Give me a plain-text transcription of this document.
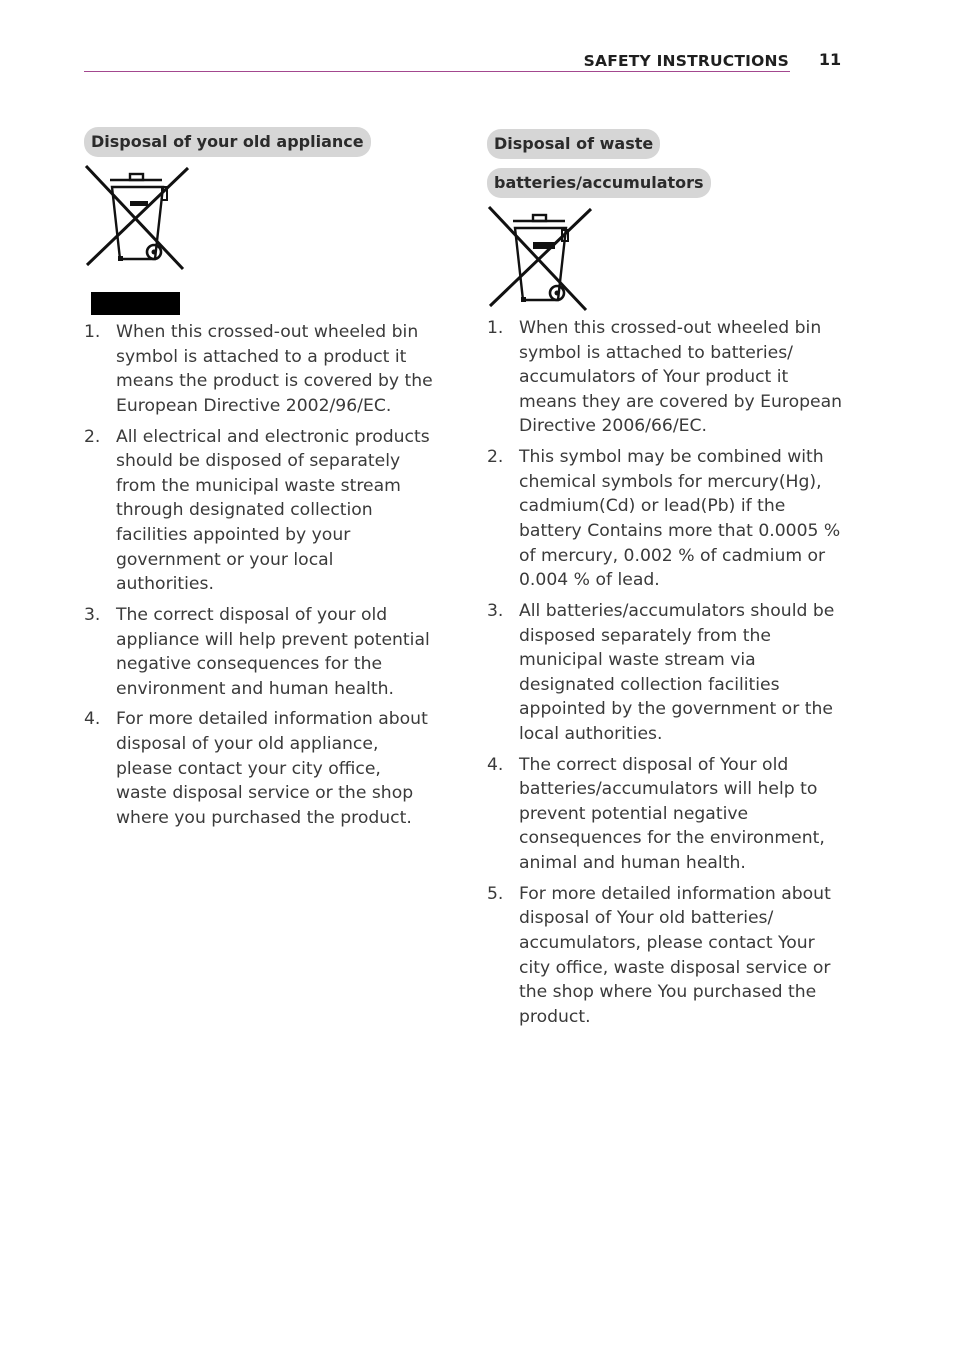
SAFETY INSTRUCTIONS 11
Disposal of your old appliance
1. When this crossed-out wheeled bin symbol is attached to a product it means the product is covered by the European Directive 2002/96/EC.
2. All electrical and electronic products should be disposed of separately from the municipal waste stream through designated collection facilities appointed by your government or your local authorities.
3. The correct disposal of your old appliance will help prevent potential negative consequences for the environment and human health.
4. For more detailed information about disposal of your old appliance, please contact your city office, waste disposal service or the shop where you purchased the product.
Disposal of waste
batteries/accumulators
1. When this crossed-out wheeled bin symbol is attached to batteries/ accumulators of Your product it means they are covered by European Directive 2006/66/EC.
2. This symbol may be combined with chemical symbols for mercury(Hg), cadmium(Cd) or lead(Pb) if the battery Contains more that 0.0005 % of mercury, 0.002 % of cadmium or 0.004 % of lead.
3. All batteries/accumulators should be disposed separately from the municipal waste stream via designated collection facilities appointed by the government or the local authorities.
4. The correct disposal of Your old batteries/accumulators will help to prevent potential negative consequences for the environment, animal and human health.
5. For more detailed information about disposal of Your old batteries/ accumulators, please contact Your city office, waste disposal service or the shop where You purchased the product.
